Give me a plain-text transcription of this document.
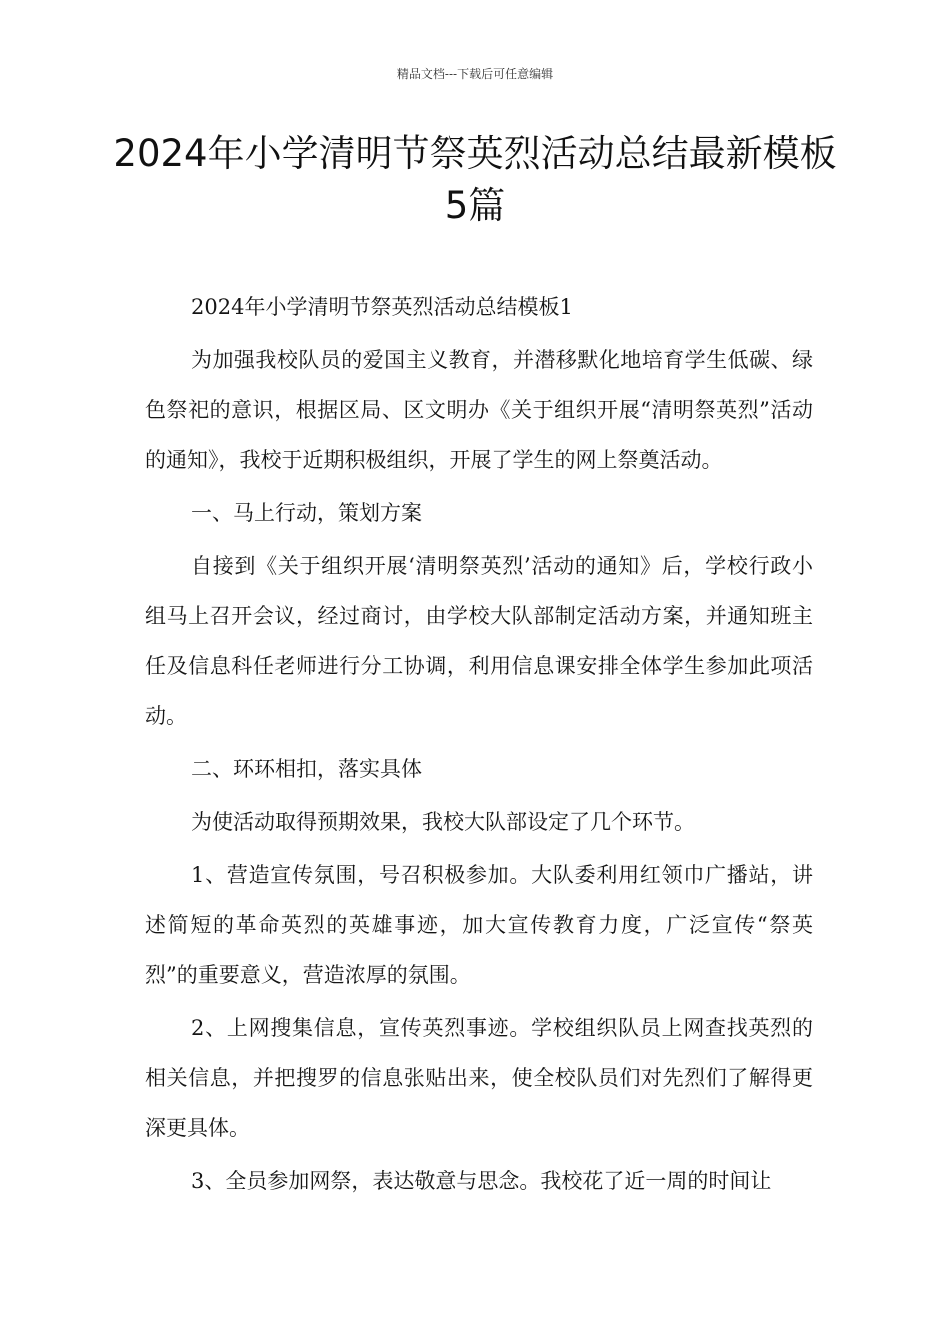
精品文档---下载后可任意编辑
2024年小学清明节祭英烈活动总结最新模板5篇

2024年小学清明节祭英烈活动总结模板1

为加强我校队员的爱国主义教育，并潜移默化地培育学生低碳、绿色祭祀的意识，根据区局、区文明办《关于组织开展“清明祭英烈”活动的通知》，我校于近期积极组织，开展了学生的网上祭奠活动。

一、马上行动，策划方案

自接到《关于组织开展‘清明祭英烈’活动的通知》后，学校行政小组马上召开会议，经过商讨，由学校大队部制定活动方案，并通知班主任及信息科任老师进行分工协调，利用信息课安排全体学生参加此项活动。

二、环环相扣，落实具体

为使活动取得预期效果，我校大队部设定了几个环节。

1、营造宣传氛围，号召积极参加。大队委利用红领巾广播站，讲述简短的革命英烈的英雄事迹，加大宣传教育力度，广泛宣传“祭英烈”的重要意义，营造浓厚的氛围。

2、上网搜集信息，宣传英烈事迹。学校组织队员上网查找英烈的相关信息，并把搜罗的信息张贴出来，使全校队员们对先烈们了解得更深更具体。

3、全员参加网祭，表达敬意与思念。我校花了近一周的时间让
